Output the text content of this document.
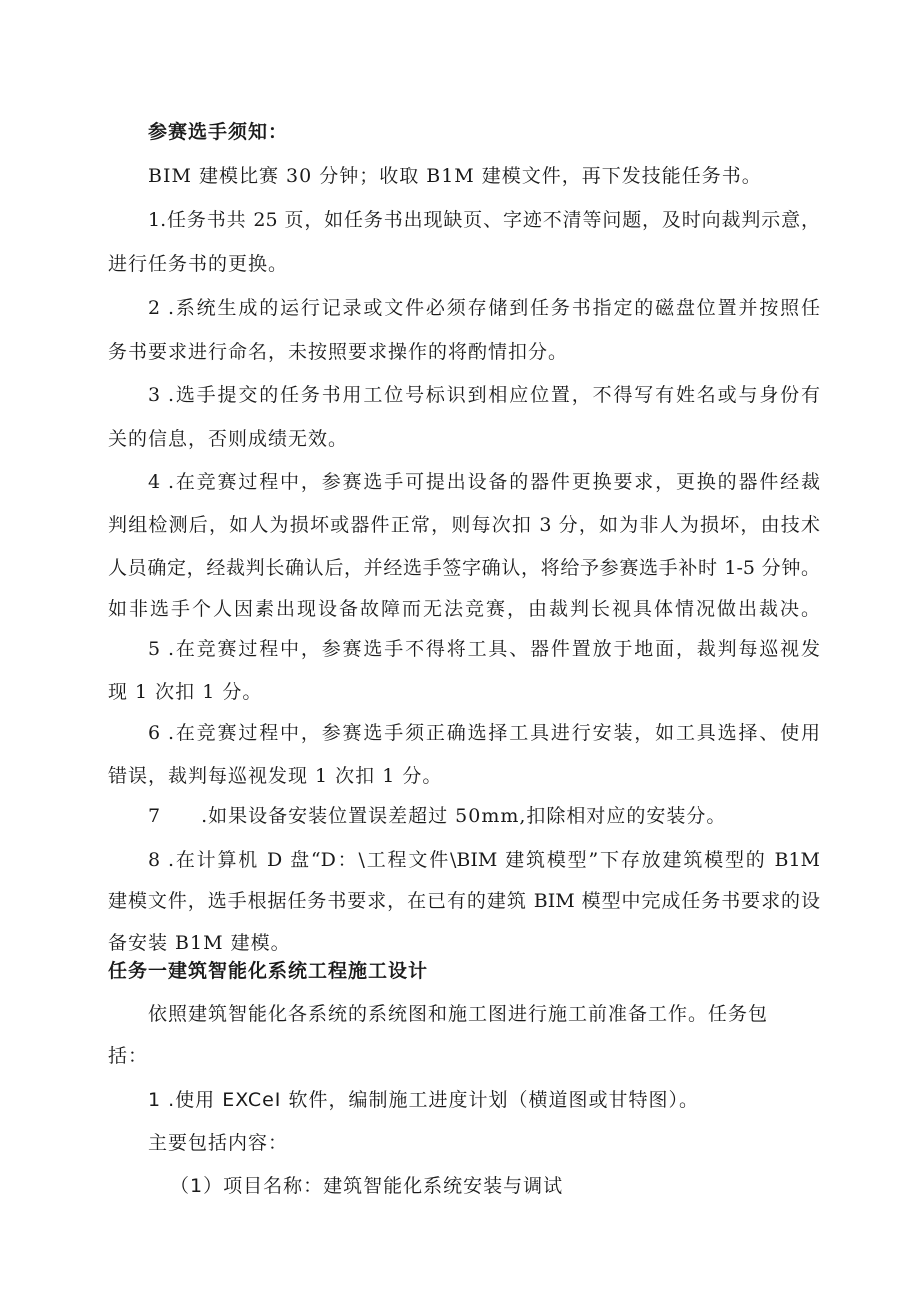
参赛选手须知：
BIM 建模比赛 30 分钟；收取 B1M 建模文件，再下发技能任务书。
1.任务书共 25 页，如任务书出现缺页、字迹不清等问题，及时向裁判示意，
进行任务书的更换。
2 .系统生成的运行记录或文件必须存储到任务书指定的磁盘位置并按照任
务书要求进行命名，未按照要求操作的将酌情扣分。
3 .选手提交的任务书用工位号标识到相应位置，不得写有姓名或与身份有
关的信息，否则成绩无效。
4 .在竞赛过程中，参赛选手可提出设备的器件更换要求，更换的器件经裁
判组检测后，如人为损坏或器件正常，则每次扣 3 分，如为非人为损坏，由技术
人员确定，经裁判长确认后，并经选手签字确认，将给予参赛选手补时 1-5 分钟。
如非选手个人因素出现设备故障而无法竞赛，由裁判长视具体情况做出裁决。
5 .在竞赛过程中，参赛选手不得将工具、器件置放于地面，裁判每巡视发
现 1 次扣 1 分。
6 .在竞赛过程中，参赛选手须正确选择工具进行安装，如工具选择、使用
错误，裁判每巡视发现 1 次扣 1 分。
7　　.如果设备安装位置误差超过 50mm,扣除相对应的安装分。
8 .在计算机 D 盘“D：\工程文件\BIM 建筑模型”下存放建筑模型的 B1M
建模文件，选手根据任务书要求，在已有的建筑 BIM 模型中完成任务书要求的设
备安装 B1M 建模。
任务一建筑智能化系统工程施工设计
依照建筑智能化各系统的系统图和施工图进行施工前准备工作。任务包
括：
1 .使用 EXCeI 软件，编制施工进度计划（横道图或甘特图）。
主要包括内容：
（1）项目名称：建筑智能化系统安装与调试
